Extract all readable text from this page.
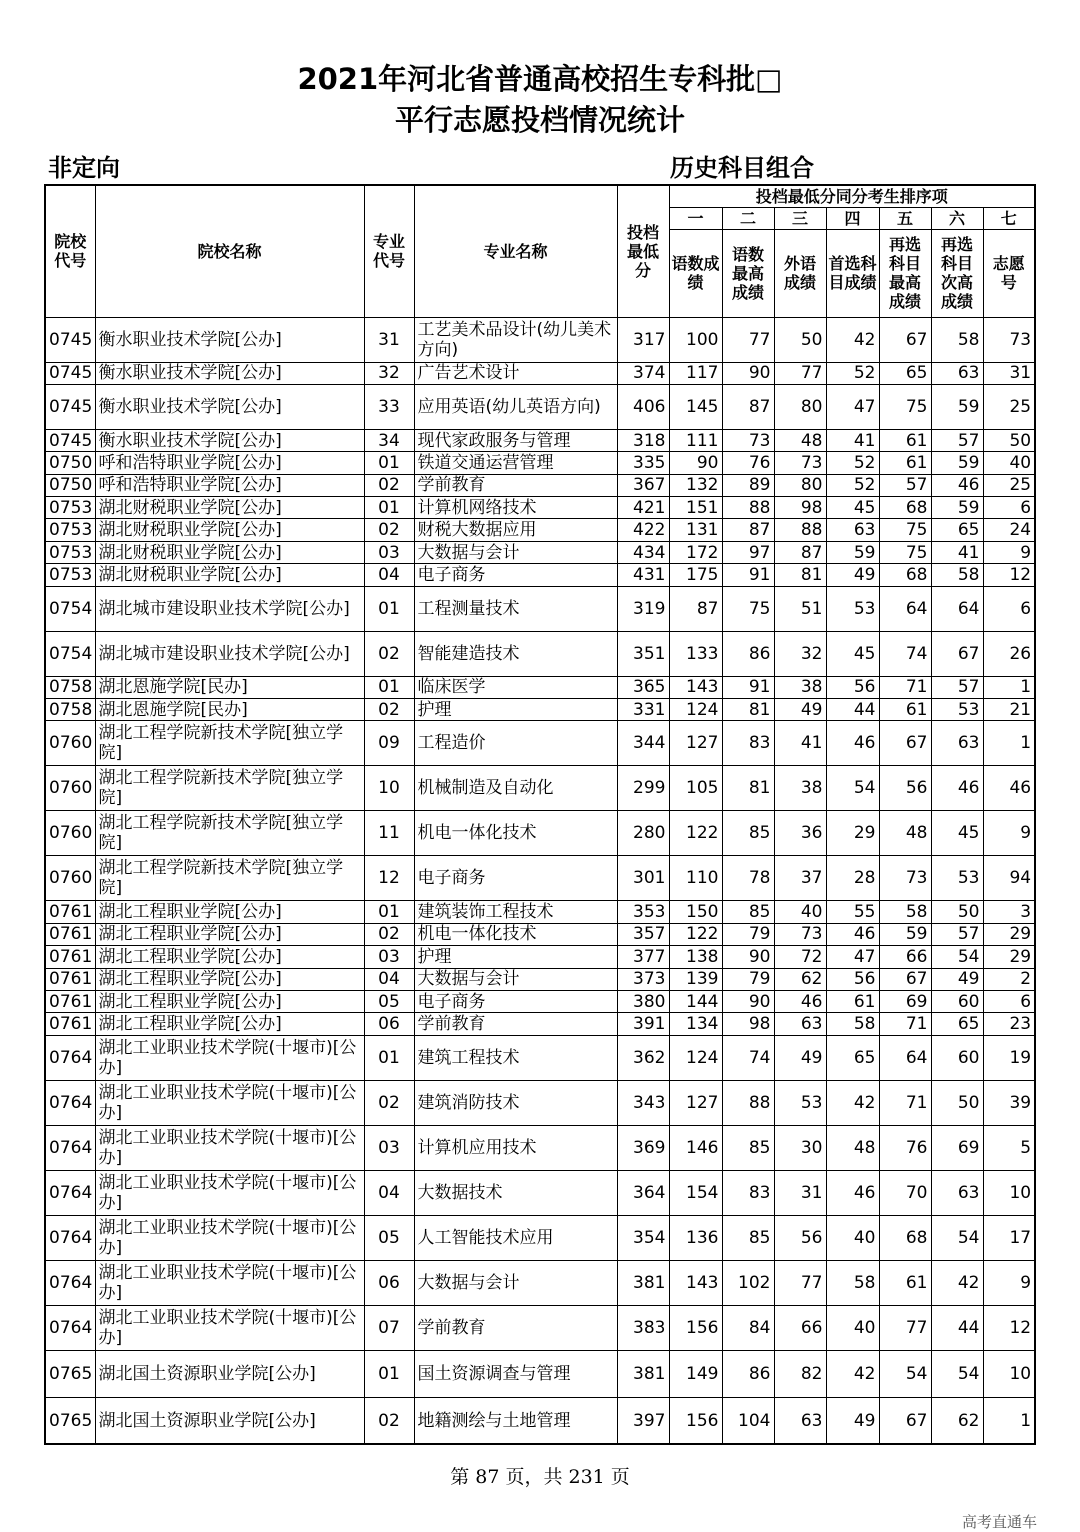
2021年河北省普通高校招生专科批□
平行志愿投档情况统计
非定向	历史科目组合
院校代号	院校名称	专业代号	专业名称	投档最低分	投档最低分同分考生排序项						
					一	二	三	四	五	六	七
					语数成绩	语数最高成绩	外语成绩	首选科目成绩	再选科目最高成绩	再选科目次高成绩	志愿号
0745	衡水职业技术学院[公办]	31	工艺美术品设计(幼儿美术方向)	317	100	77	50	42	67	58	73
0745	衡水职业技术学院[公办]	32	广告艺术设计	374	117	90	77	52	65	63	31
0745	衡水职业技术学院[公办]	33	应用英语(幼儿英语方向)	406	145	87	80	47	75	59	25
0745	衡水职业技术学院[公办]	34	现代家政服务与管理	318	111	73	48	41	61	57	50
0750	呼和浩特职业学院[公办]	01	铁道交通运营管理	335	90	76	73	52	61	59	40
0750	呼和浩特职业学院[公办]	02	学前教育	367	132	89	80	52	57	46	25
0753	湖北财税职业学院[公办]	01	计算机网络技术	421	151	88	98	45	68	59	6
0753	湖北财税职业学院[公办]	02	财税大数据应用	422	131	87	88	63	75	65	24
0753	湖北财税职业学院[公办]	03	大数据与会计	434	172	97	87	59	75	41	9
0753	湖北财税职业学院[公办]	04	电子商务	431	175	91	81	49	68	58	12
0754	湖北城市建设职业技术学院[公办]	01	工程测量技术	319	87	75	51	53	64	64	6
0754	湖北城市建设职业技术学院[公办]	02	智能建造技术	351	133	86	32	45	74	67	26
0758	湖北恩施学院[民办]	01	临床医学	365	143	91	38	56	71	57	1
0758	湖北恩施学院[民办]	02	护理	331	124	81	49	44	61	53	21
0760	湖北工程学院新技术学院[独立学院]	09	工程造价	344	127	83	41	46	67	63	1
0760	湖北工程学院新技术学院[独立学院]	10	机械制造及自动化	299	105	81	38	54	56	46	46
0760	湖北工程学院新技术学院[独立学院]	11	机电一体化技术	280	122	85	36	29	48	45	9
0760	湖北工程学院新技术学院[独立学院]	12	电子商务	301	110	78	37	28	73	53	94
0761	湖北工程职业学院[公办]	01	建筑装饰工程技术	353	150	85	40	55	58	50	3
0761	湖北工程职业学院[公办]	02	机电一体化技术	357	122	79	73	46	59	57	29
0761	湖北工程职业学院[公办]	03	护理	377	138	90	72	47	66	54	29
0761	湖北工程职业学院[公办]	04	大数据与会计	373	139	79	62	56	67	49	2
0761	湖北工程职业学院[公办]	05	电子商务	380	144	90	46	61	69	60	6
0761	湖北工程职业学院[公办]	06	学前教育	391	134	98	63	58	71	65	23
0764	湖北工业职业技术学院(十堰市)[公办]	01	建筑工程技术	362	124	74	49	65	64	60	19
0764	湖北工业职业技术学院(十堰市)[公办]	02	建筑消防技术	343	127	88	53	42	71	50	39
0764	湖北工业职业技术学院(十堰市)[公办]	03	计算机应用技术	369	146	85	30	48	76	69	5
0764	湖北工业职业技术学院(十堰市)[公办]	04	大数据技术	364	154	83	31	46	70	63	10
0764	湖北工业职业技术学院(十堰市)[公办]	05	人工智能技术应用	354	136	85	56	40	68	54	17
0764	湖北工业职业技术学院(十堰市)[公办]	06	大数据与会计	381	143	102	77	58	61	42	9
0764	湖北工业职业技术学院(十堰市)[公办]	07	学前教育	383	156	84	66	40	77	44	12
0765	湖北国土资源职业学院[公办]	01	国土资源调查与管理	381	149	86	82	42	54	54	10
0765	湖北国土资源职业学院[公办]	02	地籍测绘与土地管理	397	156	104	63	49	67	62	1
第 87 页，共 231 页
高考直通车
